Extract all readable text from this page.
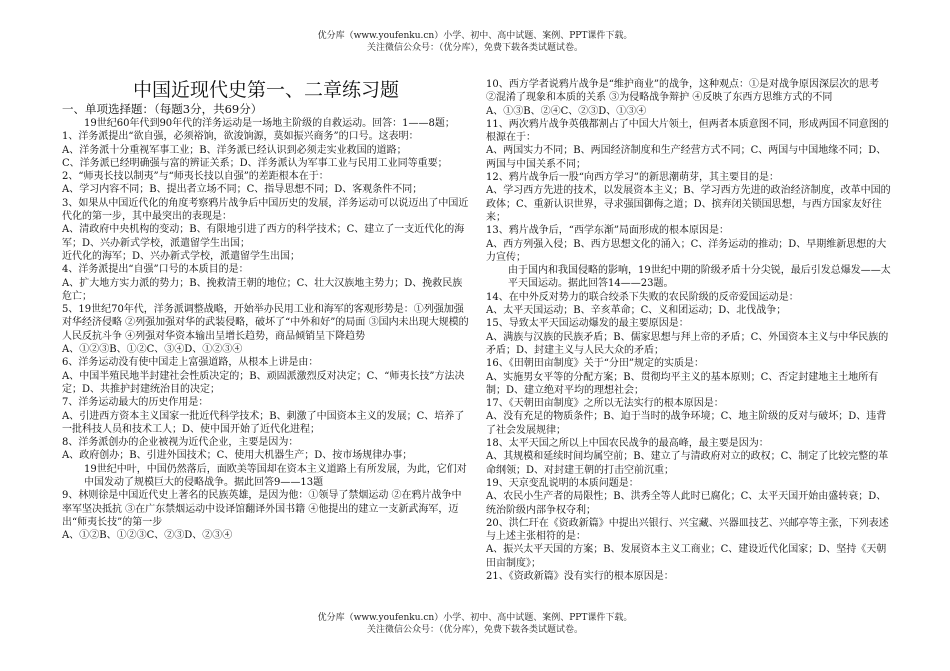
优分库（www.youfenku.cn）小学、初中、高中试题、案例、PPT课件下载。
关注微信公众号：（优分库），免费下载各类试题试卷。

中国近现代史第一、二章练习题

一、单项选择题：（每题3分，共69分）

19世纪60年代到90年代的洋务运动是一场地主阶级的自救运动。回答：1——8题；

1、洋务派提出“欲自强，必须裕饷，欲浚饷源，莫如振兴商务”的口号。这表明：

A、洋务派十分重视军事工业；B、洋务派已经认识到必须走实业救国的道路；

C、洋务派已经明确强与富的辨证关系；D、洋务派认为军事工业与民用工业同等重要；

2、“师夷长技以制夷”与“师夷长技以自强”的差距根本在于：

A、学习内容不同；B、提出者立场不同；C、指导思想不同；D、客观条件不同；

3、如果从中国近代化的角度考察鸦片战争后中国历史的发展，洋务运动可以说迈出了中国近代化的第一步，其中最突出的表现是：

A、清政府中央机构的变动；B、有限地引进了西方的科学技术；C、建立了一支近代化的海军；D、兴办新式学校，派遣留学生出国；

近代化的海军；D、兴办新式学校，派遣留学生出国；

4、洋务派提出“自强”口号的本质目的是：

A、扩大地方实力派的势力；B、挽救清王朝的地位；C、壮大汉族地主势力；D、挽救民族危亡；

5、19世纪70年代，洋务派调整战略，开始举办民用工业和海军的客观形势是：①列强加强对华经济侵略 ②列强加强对华的武装侵略，破坏了“中外和好”的局面 ③国内未出现大规模的人民反抗斗争 ④列强对华资本输出呈增长趋势，商品倾销呈下降趋势

A、①②③B、①②C、③④D、①②③④

6、洋务运动没有使中国走上富强道路，从根本上讲是由：

A、中国半殖民地半封建社会性质决定的；B、顽固派激烈反对决定；C、“师夷长技”方法决定；D、共推护封建统治目的决定；

7、洋务运动最大的历史作用是：

A、引进西方资本主义国家一批近代科学技术；B、刺激了中国资本主义的发展；C、培养了一批科技人员和技术工人；D、使中国开始了近代化进程；

8、洋务派创办的企业被视为近代企业，主要是因为：

A、政府创办；B、引进外国技术；C、使用大机器生产；D、按市场规律办事；

19世纪中叶，中国仍然落后，面欧美等国却在资本主义道路上有所发展，为此，它们对中国发动了规模巨大的侵略战争。据此回答9——13题

9、林则徐是中国近代史上著名的民族英雄，是因为他：①领导了禁烟运动 ②在鸦片战争中率军坚决抵抗 ③在广东禁烟运动中设译馆翻译外国书籍 ④他提出的建立一支新武海军，迈出“师夷长技”的第一步

A、①②B、①②③C、②③D、②③④

10、西方学者说鸦片战争是“维护商业”的战争，这种观点：①是对战争原因深层次的思考 ②混淆了现象和本质的关系 ③为侵略战争辩护 ④反映了东西方思维方式的不同

A、①③B、②④C、②③D、①③④

11、两次鸦片战争英俄都割占了中国大片领土，但两者本质意图不同，形成两国不同意图的根源在于：

A、两国实力不同；B、两国经济制度和生产经营方式不同；C、两国与中国地缘不同；D、两国与中国关系不同；

12、鸦片战争后一股“向西方学习”的新思潮萌芽，其主要目的是：

A、学习西方先进的技术，以发展资本主义；B、学习西方先进的政治经济制度，改革中国的政体；C、重新认识世界，寻求强国御侮之道；D、摈弃闭关锁国思想，与西方国家友好往来；

13、鸦片战争后，“西学东渐”局面形成的根本原因是：

A、西方列强入侵；B、西方思想文化的涌入；C、洋务运动的推动；D、早期维新思想的大力宣传；

由于国内和我国侵略的影响，19世纪中期的阶级矛盾十分尖锐，最后引发总爆发——太平天国运动。据此回答14——23题。

14、在中外反对势力的联合绞杀下失败的农民阶级的反帝爱国运动是：

A、太平天国运动；B、辛亥革命；C、义和团运动；D、北伐战争；

15、导致太平天国运动爆发的最主要原因是：

A、满族与汉族的民族矛盾；B、儒家思想与拜上帝的矛盾；C、外国资本主义与中华民族的矛盾；D、封建主义与人民大众的矛盾；

16、《田朝田亩制度》关于“分田”规定的实质是：

A、实施男女平等的分配方案；B、贯彻均平主义的基本原则；C、否定封建地主土地所有制；D、建立绝对平均的理想社会；

17、《天朝田亩制度》之所以无法实行的根本原因是：

A、没有充足的物质条件；B、迫于当时的战争环境；C、地主阶级的反对与破坏；D、违背了社会发展规律；

18、太平天国之所以上中国农民战争的最高峰，最主要是因为：

A、其规模和延续时间均属空前；B、建立了与清政府对立的政权；C、制定了比较完整的革命纲领；D、对封建王朝的打击空前沉重；

19、天京变乱说明的本质问题是：

A、农民小生产者的局限性；B、洪秀全等人此时已腐化；C、太平天国开始由盛转衰；D、统治阶级内部争权夺利；

20、洪仁玕在《资政新篇》中提出兴银行、兴宝藏、兴器皿技艺、兴邮亭等主张，下列表述与上述主张相符的是：

A、振兴太平天国的方案；B、发展资本主义工商业；C、建设近代化国家；D、坚持《天朝田亩制度》；

21、《资政新篇》没有实行的根本原因是：

优分库（www.youfenku.cn）小学、初中、高中试题、案例、PPT课件下载。
关注微信公众号：（优分库），免费下载各类试题试卷。
